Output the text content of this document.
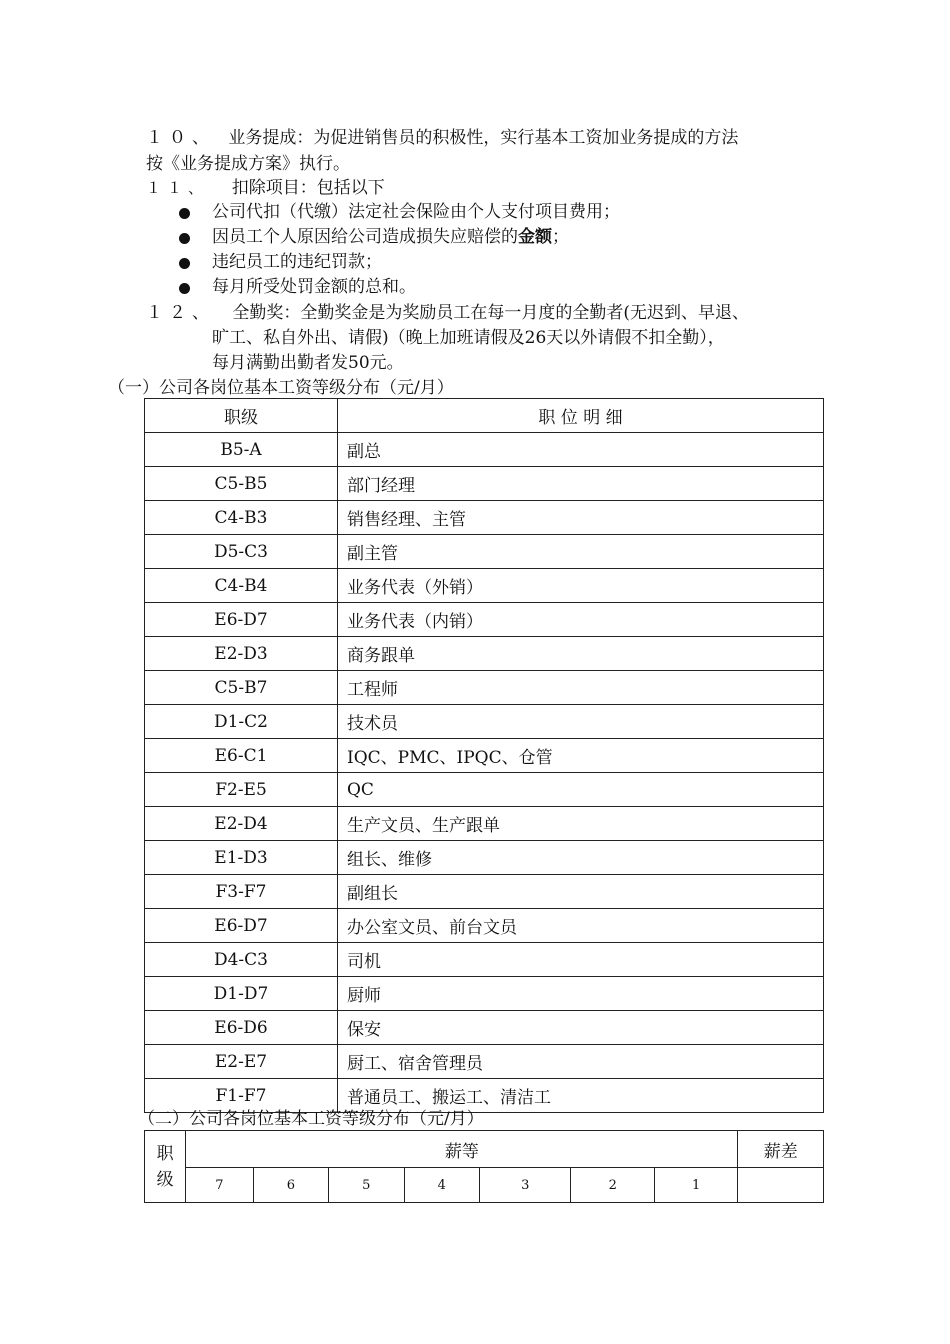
１０、 业务提成：为促进销售员的积极性，实行基本工资加业务提成的方法
按《业务提成方案》执行。
１１、 扣除项目：包括以下
公司代扣（代缴）法定社会保险由个人支付项目费用；
因员工个人原因给公司造成损失应赔偿的金额；
违纪员工的违纪罚款；
每月所受处罚金额的总和。
１２、 全勤奖：全勤奖金是为奖励员工在每一月度的全勤者(无迟到、早退、
旷工、私自外出、请假)（晚上加班请假及26天以外请假不扣全勤），
每月满勤出勤者发50元。
（一）公司各岗位基本工资等级分布（元/月）
职级	职 位 明 细
B5-A	副总
C5-B5	部门经理
C4-B3	销售经理、主管
D5-C3	副主管
C4-B4	业务代表（外销）
E6-D7	业务代表（内销）
E2-D3	商务跟单
C5-B7	工程师
D1-C2	技术员
E6-C1	IQC、PMC、IPQC、仓管
F2-E5	QC
E2-D4	生产文员、生产跟单
E1-D3	组长、维修
F3-F7	副组长
E6-D7	办公室文员、前台文员
D4-C3	司机
D1-D7	厨师
E6-D6	保安
E2-E7	厨工、宿舍管理员
F1-F7	普通员工、搬运工、清洁工
（二）公司各岗位基本工资等级分布（元/月）
职
级	薪等							薪差
	7	6	5	4	3	2	1	
